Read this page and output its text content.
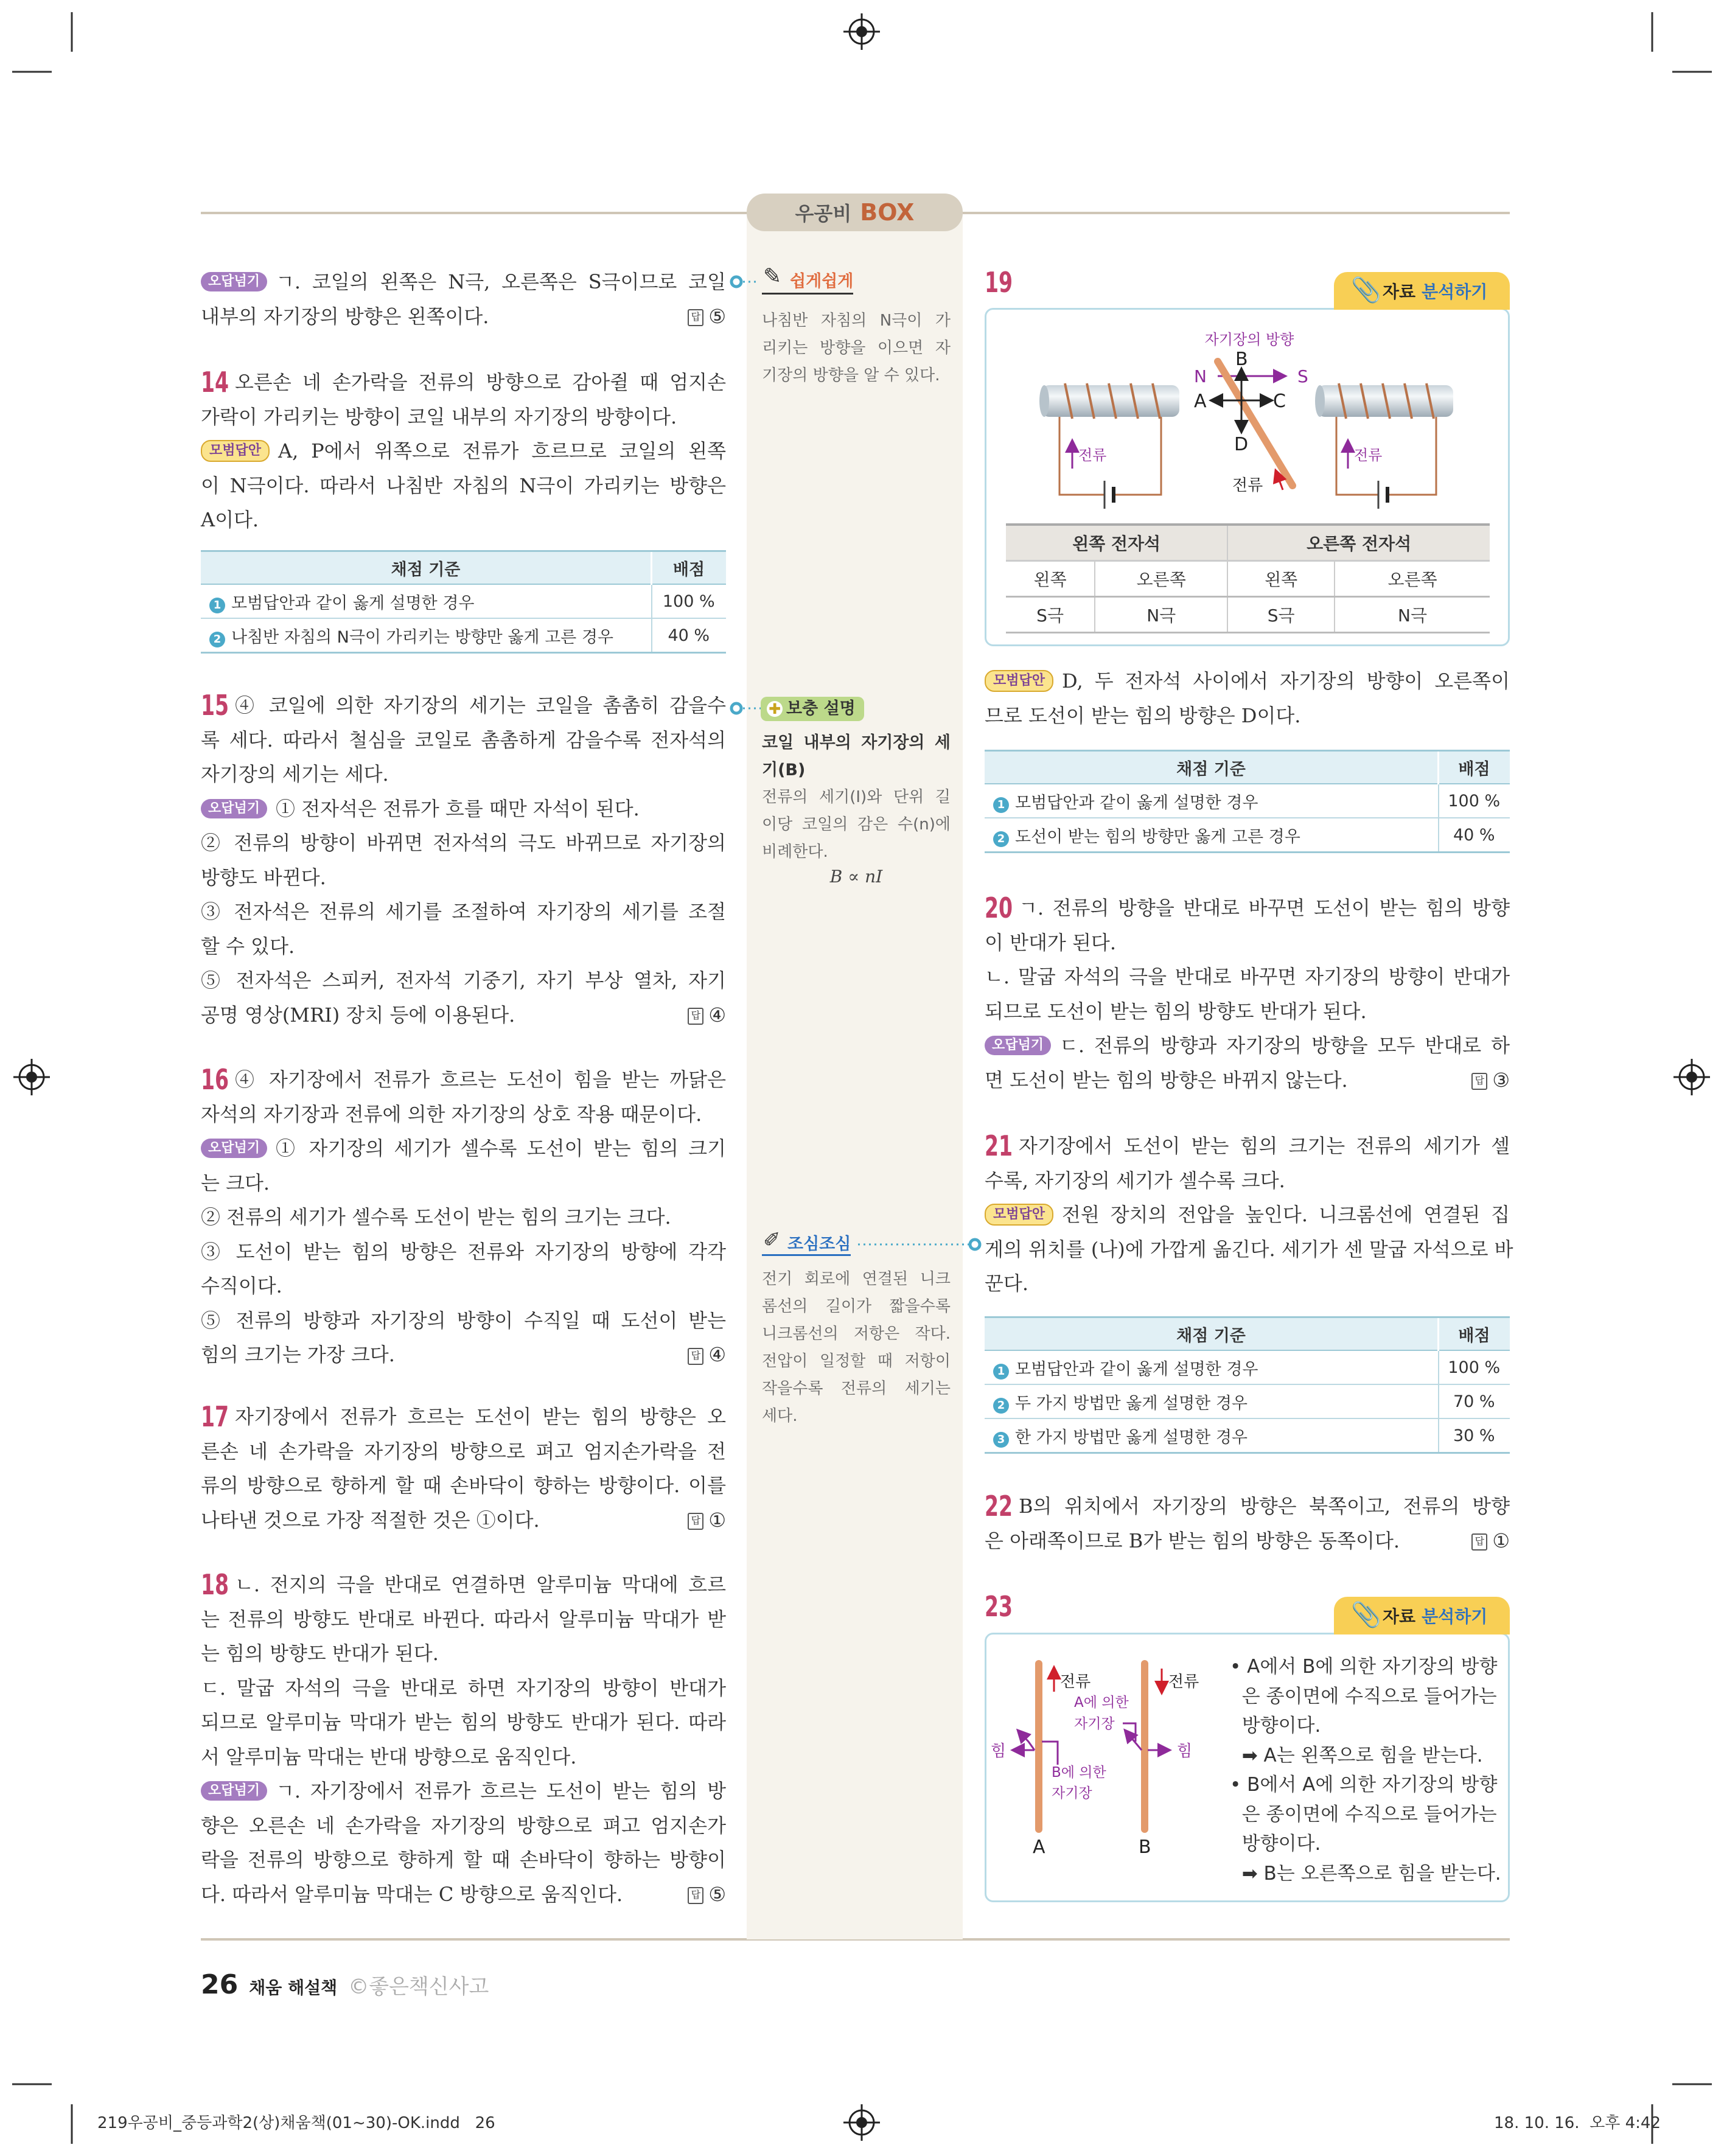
우공비 BOX
오답넘기 ㄱ. 코일의 왼쪽은 N극, 오른쪽은 S극이므로 코일
내부의 자기장의 방향은 왼쪽이다.	답 ⑤
14 오른손 네 손가락을 전류의 방향으로 감아쥘 때 엄지손
가락이 가리키는 방향이 코일 내부의 자기장의 방향이다.
모범답안 A, P에서 위쪽으로 전류가 흐르므로 코일의 왼쪽
이 N극이다. 따라서 나침반 자침의 N극이 가리키는 방향은
A이다.
채점 기준	배점
1 모범답안과 같이 옳게 설명한 경우	100 %
2 나침반 자침의 N극이 가리키는 방향만 옳게 고른 경우	40 %
15 ④ 코일에 의한 자기장의 세기는 코일을 촘촘히 감을수
록 세다. 따라서 철심을 코일로 촘촘하게 감을수록 전자석의
자기장의 세기는 세다.
오답넘기 ① 전자석은 전류가 흐를 때만 자석이 된다.
② 전류의 방향이 바뀌면 전자석의 극도 바뀌므로 자기장의
방향도 바뀐다.
③ 전자석은 전류의 세기를 조절하여 자기장의 세기를 조절
할 수 있다.
⑤ 전자석은 스피커, 전자석 기중기, 자기 부상 열차, 자기
공명 영상(MRI) 장치 등에 이용된다.	답 ④
16 ④ 자기장에서 전류가 흐르는 도선이 힘을 받는 까닭은
자석의 자기장과 전류에 의한 자기장의 상호 작용 때문이다.
오답넘기 ① 자기장의 세기가 셀수록 도선이 받는 힘의 크기
는 크다.
② 전류의 세기가 셀수록 도선이 받는 힘의 크기는 크다.
③ 도선이 받는 힘의 방향은 전류와 자기장의 방향에 각각
수직이다.
⑤ 전류의 방향과 자기장의 방향이 수직일 때 도선이 받는
힘의 크기는 가장 크다.	답 ④
17 자기장에서 전류가 흐르는 도선이 받는 힘의 방향은 오
른손 네 손가락을 자기장의 방향으로 펴고 엄지손가락을 전
류의 방향으로 향하게 할 때 손바닥이 향하는 방향이다. 이를
나타낸 것으로 가장 적절한 것은 ①이다.	답 ①
18 ㄴ. 전지의 극을 반대로 연결하면 알루미늄 막대에 흐르
는 전류의 방향도 반대로 바뀐다. 따라서 알루미늄 막대가 받
는 힘의 방향도 반대가 된다.
ㄷ. 말굽 자석의 극을 반대로 하면 자기장의 방향이 반대가
되므로 알루미늄 막대가 받는 힘의 방향도 반대가 된다. 따라
서 알루미늄 막대는 반대 방향으로 움직인다.
오답넘기 ㄱ. 자기장에서 전류가 흐르는 도선이 받는 힘의 방
향은 오른손 네 손가락을 자기장의 방향으로 펴고 엄지손가
락을 전류의 방향으로 향하게 할 때 손바닥이 향하는 방향이
다. 따라서 알루미늄 막대는 C 방향으로 움직인다.	답 ⑤
✎ 쉽게쉽게
나침반 자침의 N극이 가
리키는 방향을 이으면 자
기장의 방향을 알 수 있다.
✚ 보충 설명
코일 내부의 자기장의 세
기(B)
전류의 세기(I)와 단위 길
이당 코일의 감은 수(n)에
비례한다.
B ∝ nI
✐ 조심조심
전기 회로에 연결된 니크
롬선의 길이가 짧을수록
니크롬선의 저항은 작다.
전압이 일정할 때 저항이
작을수록 전류의 세기는
세다.
19	📎 자료 분석하기
전류	전류
자기장의 방향
N	S
A	C
B
D
전류
왼쪽 전자석		오른쪽 전자석	
왼쪽	오른쪽	왼쪽	오른쪽
S극	N극	S극	N극
모범답안 D, 두 전자석 사이에서 자기장의 방향이 오른쪽이
므로 도선이 받는 힘의 방향은 D이다.
채점 기준	배점
1 모범답안과 같이 옳게 설명한 경우	100 %
2 도선이 받는 힘의 방향만 옳게 고른 경우	40 %
20 ㄱ. 전류의 방향을 반대로 바꾸면 도선이 받는 힘의 방향
이 반대가 된다.
ㄴ. 말굽 자석의 극을 반대로 바꾸면 자기장의 방향이 반대가
되므로 도선이 받는 힘의 방향도 반대가 된다.
오답넘기 ㄷ. 전류의 방향과 자기장의 방향을 모두 반대로 하
면 도선이 받는 힘의 방향은 바뀌지 않는다.	답 ③
21 자기장에서 도선이 받는 힘의 크기는 전류의 세기가 셀
수록, 자기장의 세기가 셀수록 크다.
모범답안 전원 장치의 전압을 높인다. 니크롬선에 연결된 집
게의 위치를 (나)에 가깝게 옮긴다. 세기가 센 말굽 자석으로 바
꾼다.
채점 기준	배점
1 모범답안과 같이 옳게 설명한 경우	100 %
2 두 가지 방법만 옳게 설명한 경우	70 %
3 한 가지 방법만 옳게 설명한 경우	30 %
22 B의 위치에서 자기장의 방향은 북쪽이고, 전류의 방향
은 아래쪽이므로 B가 받는 힘의 방향은 동쪽이다.	답 ①
23	📎 자료 분석하기
전류	전류
A에 의한
자기장
B에 의한
자기장
힘	힘
A	B
• A에서 B에 의한 자기장의 방향
은 종이면에 수직으로 들어가는
방향이다.
➡ A는 왼쪽으로 힘을 받는다.
• B에서 A에 의한 자기장의 방향
은 종이면에 수직으로 들어가는
방향이다.
➡ B는 오른쪽으로 힘을 받는다.
26 채움 해설책 ©좋은책신사고
219우공비_중등과학2(상)채움책(01~30)-OK.indd   26	18. 10. 16.  오후 4:42
